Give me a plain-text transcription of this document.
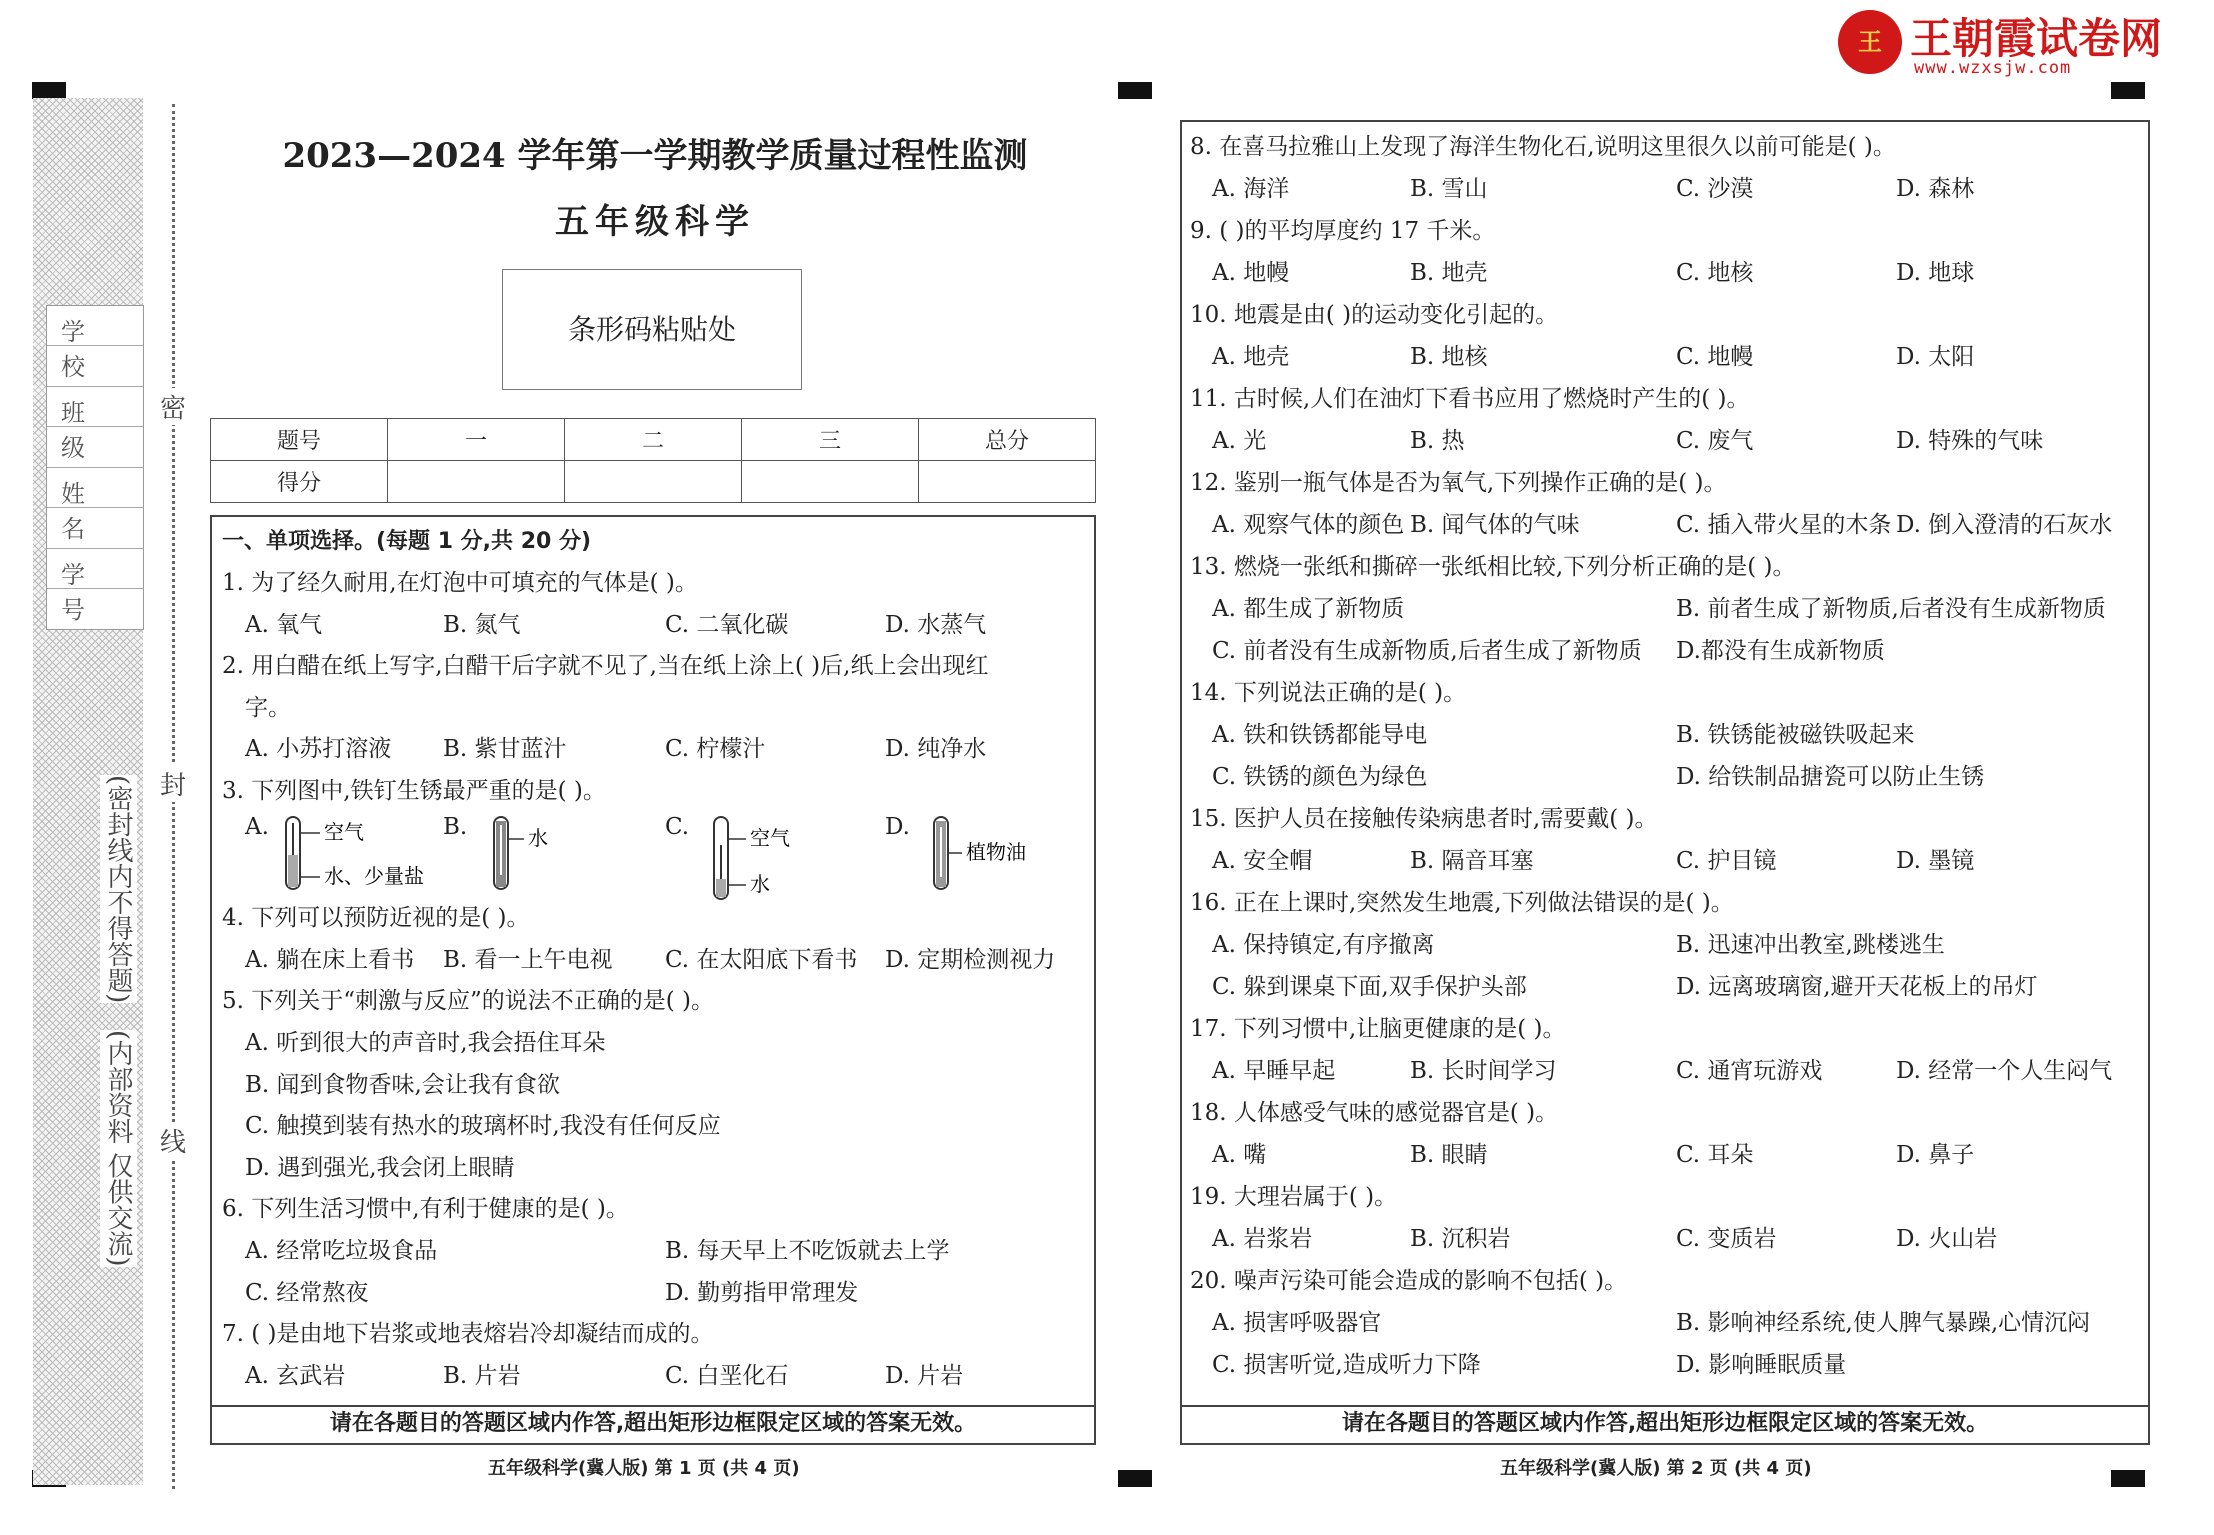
王 王朝霞试卷网
www.wzxsjw.com
学 校
班 级
姓 名
学 号
(密封线内不得答题)
(内部资料 仅供交流)
密
封
线
2023—2024 学年第一学期教学质量过程性监测
五年级科学
条形码粘贴处
题号	一	二	三	总分
得分				
请在各题目的答题区域内作答,超出矩形边框限定区域的答案无效。	请在各题目的答题区域内作答,超出矩形边框限定区域的答案无效。
一、单项选择。(每题 1 分,共 20 分)
1. 为了经久耐用,在灯泡中可填充的气体是( )。
A. 氧气	B. 氮气	C. 二氧化碳	D. 水蒸气
2. 用白醋在纸上写字,白醋干后字就不见了,当在纸上涂上( )后,纸上会出现红
字。
A. 小苏打溶液 B. 紫甘蓝汁	C. 柠檬汁	D. 纯净水
3. 下列图中,铁钉生锈最严重的是( )。
A.	B.	C.	D.
4. 下列可以预防近视的是( )。
A. 躺在床上看书 B. 看一上午电视 C. 在太阳底下看书 D. 定期检测视力
5. 下列关于“刺激与反应”的说法不正确的是( )。
A. 听到很大的声音时,我会捂住耳朵
B. 闻到食物香味,会让我有食欲
C. 触摸到装有热水的玻璃杯时,我没有任何反应
D. 遇到强光,我会闭上眼睛
6. 下列生活习惯中,有利于健康的是( )。
A. 经常吃垃圾食品	B. 每天早上不吃饭就去上学
C. 经常熬夜	D. 勤剪指甲常理发
7. ( )是由地下岩浆或地表熔岩冷却凝结而成的。
A. 玄武岩	B. 片岩	C. 白垩化石	D. 片岩
8. 在喜马拉雅山上发现了海洋生物化石,说明这里很久以前可能是( )。
A. 海洋	B. 雪山	C. 沙漠	D. 森林
9. ( )的平均厚度约 17 千米。
A. 地幔	B. 地壳	C. 地核	D. 地球
10. 地震是由( )的运动变化引起的。
A. 地壳	B. 地核	C. 地幔	D. 太阳
11. 古时候,人们在油灯下看书应用了燃烧时产生的( )。
A. 光	B. 热	C. 废气	D. 特殊的气味
12. 鉴别一瓶气体是否为氧气,下列操作正确的是( )。
A. 观察气体的颜色 B. 闻气体的气味	C. 插入带火星的木条 D. 倒入澄清的石灰水
13. 燃烧一张纸和撕碎一张纸相比较,下列分析正确的是( )。
A. 都生成了新物质	B. 前者生成了新物质,后者没有生成新物质
C. 前者没有生成新物质,后者生成了新物质 D.都没有生成新物质
14. 下列说法正确的是( )。
A. 铁和铁锈都能导电	B. 铁锈能被磁铁吸起来
C. 铁锈的颜色为绿色	D. 给铁制品搪瓷可以防止生锈
15. 医护人员在接触传染病患者时,需要戴( )。
A. 安全帽	B. 隔音耳塞	C. 护目镜	D. 墨镜
16. 正在上课时,突然发生地震,下列做法错误的是( )。
A. 保持镇定,有序撤离	B. 迅速冲出教室,跳楼逃生
C. 躲到课桌下面,双手保护头部	D. 远离玻璃窗,避开天花板上的吊灯
17. 下列习惯中,让脑更健康的是( )。
A. 早睡早起	B. 长时间学习	C. 通宵玩游戏	D. 经常一个人生闷气
18. 人体感受气味的感觉器官是( )。
A. 嘴	B. 眼睛	C. 耳朵	D. 鼻子
19. 大理岩属于( )。
A. 岩浆岩	B. 沉积岩	C. 变质岩	D. 火山岩
20. 噪声污染可能会造成的影响不包括( )。
A. 损害呼吸器官	B. 影响神经系统,使人脾气暴躁,心情沉闷
C. 损害听觉,造成听力下降	D. 影响睡眠质量
空气
水、少量盐
水	空气
水
植物油
五年级科学(冀人版) 第 1 页 (共 4 页)	五年级科学(冀人版) 第 2 页 (共 4 页)
